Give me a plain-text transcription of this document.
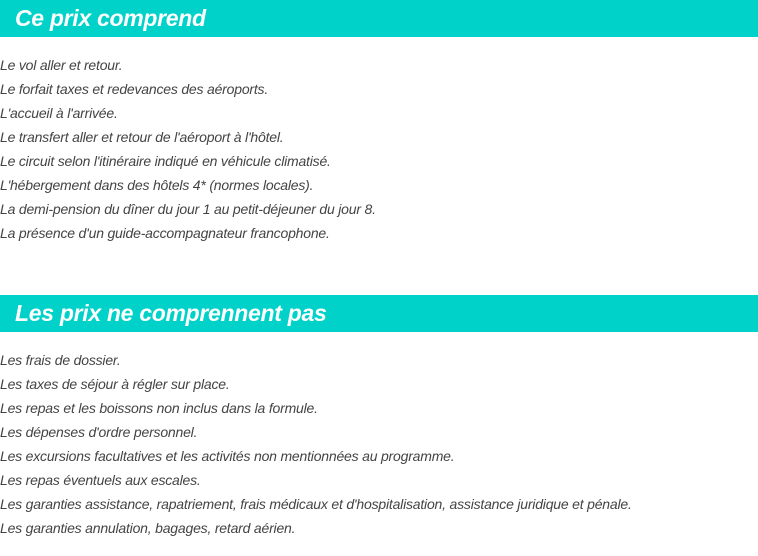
Ce prix comprend
Le vol aller et retour.
Le forfait taxes et redevances des aéroports.
L'accueil à l'arrivée.
Le transfert aller et retour de l'aéroport à l'hôtel.
Le circuit selon l'itinéraire indiqué en véhicule climatisé.
L'hébergement dans des hôtels 4* (normes locales).
La demi-pension du dîner du jour 1 au petit-déjeuner du jour 8.
La présence d'un guide-accompagnateur francophone.
Les prix ne comprennent pas
Les frais de dossier.
Les taxes de séjour à régler sur place.
Les repas et les boissons non inclus dans la formule.
Les dépenses d'ordre personnel.
Les excursions facultatives et les activités non mentionnées au programme.
Les repas éventuels aux escales.
Les garanties assistance, rapatriement, frais médicaux et d'hospitalisation, assistance juridique et pénale.
Les garanties annulation, bagages, retard aérien.
